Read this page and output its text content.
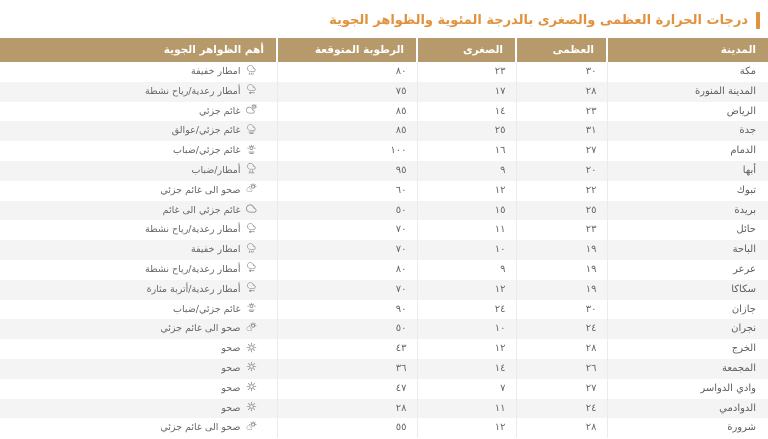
درجات الحرارة العظمى والصغرى بالدرجة المئوية والظواهر الجوية
المدينة	العظمى	الصغرى	الرطوبة المتوقعة	أهم الظواهر الجوية
مكة	٣٠	٢٣	٨٠	امطار خفيفة
المدينة المنورة	٢٨	١٧	٧٥	أمطار رعدية/رياح نشطة
الرياض	٢٣	١٤	٨٥	غائم جزئي
جدة	٣١	٢٥	٨٥	غائم جزئي/عوالق
الدمام	٢٧	١٦	١٠٠	غائم جزئي/ضباب
أبها	٢٠	٩	٩٥	أمطار/ضباب
تبوك	٢٢	١٢	٦٠	صحو الى غائم جزئي
بريدة	٢٥	١٥	٥٠	غائم جزئي الى غائم
حائل	٢٣	١١	٧٠	أمطار رعدية/رياح نشطة
الباحة	١٩	١٠	٧٠	امطار خفيفة
عرعر	١٩	٩	٨٠	أمطار رعدية/رياح نشطة
سكاكا	١٩	١٢	٧٠	أمطار رعدية/أتربة مثارة
جازان	٣٠	٢٤	٩٠	غائم جزئي/ضباب
نجران	٢٤	١٠	٥٠	صحو الى غائم جزئي
الخرج	٢٨	١٢	٤٣	صحو
المجمعة	٢٦	١٤	٣٦	صحو
وادي الدواسر	٢٧	٧	٤٧	صحو
الدوادمي	٢٤	١١	٢٨	صحو
شرورة	٢٨	١٢	٥٥	صحو الى غائم جزئي
